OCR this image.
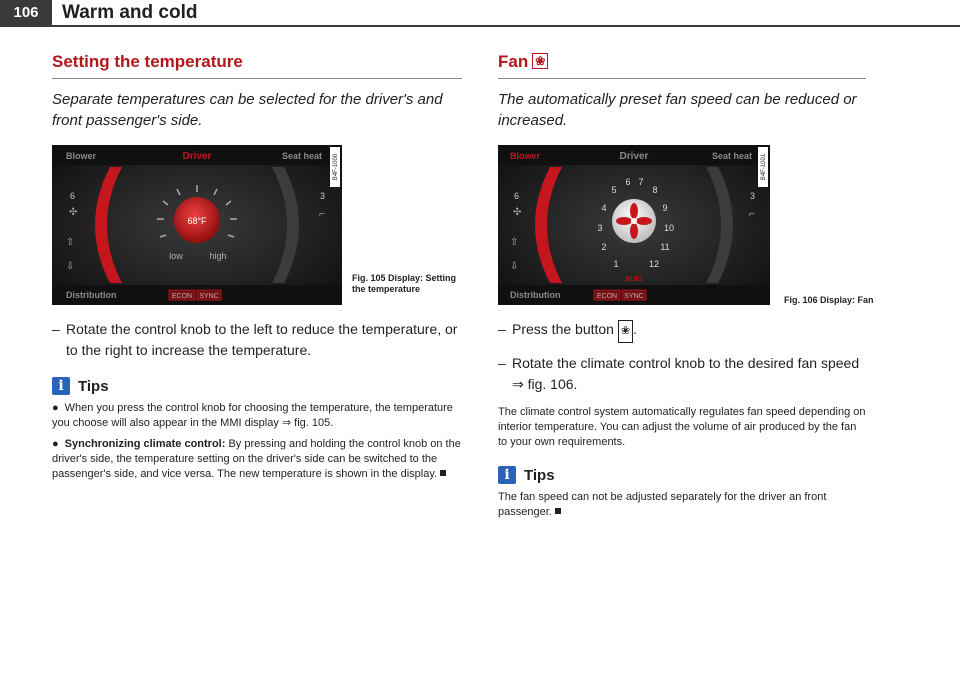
106	Warm and cold
Setting the temperature

Separate temperatures can be selected for the driver's and front passenger's side.

68°F
low	high
Blower	Driver	Seat heat
Distribution
6	3
✣	⌐
⇧
⇩
ECON SYNC
B4F-1000
Fig. 105 Display: Setting the temperature
– Rotate the control knob to the left to reduce the temperature, or to the right to increase the temperature.
i Tips
● When you press the control knob for choosing the temperature, the temperature you choose will also appear in the MMI display ⇒ fig. 105.
● Synchronizing climate control: By pressing and holding the control knob on the driver's side, the temperature setting on the driver's side can be switched to the passenger's side, and vice versa. The new temperature is shown in the display.
Fan ❀

The automatically preset fan speed can be reduced or increased.

1
2
3
4
5
6 7
8
9
10
11
12
auto
Blower	Driver	Seat heat
Distribution
6	3
✣	⌐
⇧
⇩
ECON SYNC
B4F-1001
Fig. 106 Display: Fan
– Press the button ❀ .
– Rotate the climate control knob to the desired fan speed ⇒ fig. 106.
The climate control system automatically regulates fan speed depending on interior temperature. You can adjust the volume of air produced by the fan to your own requirements.
i Tips
The fan speed can not be adjusted separately for the driver an front passenger.
